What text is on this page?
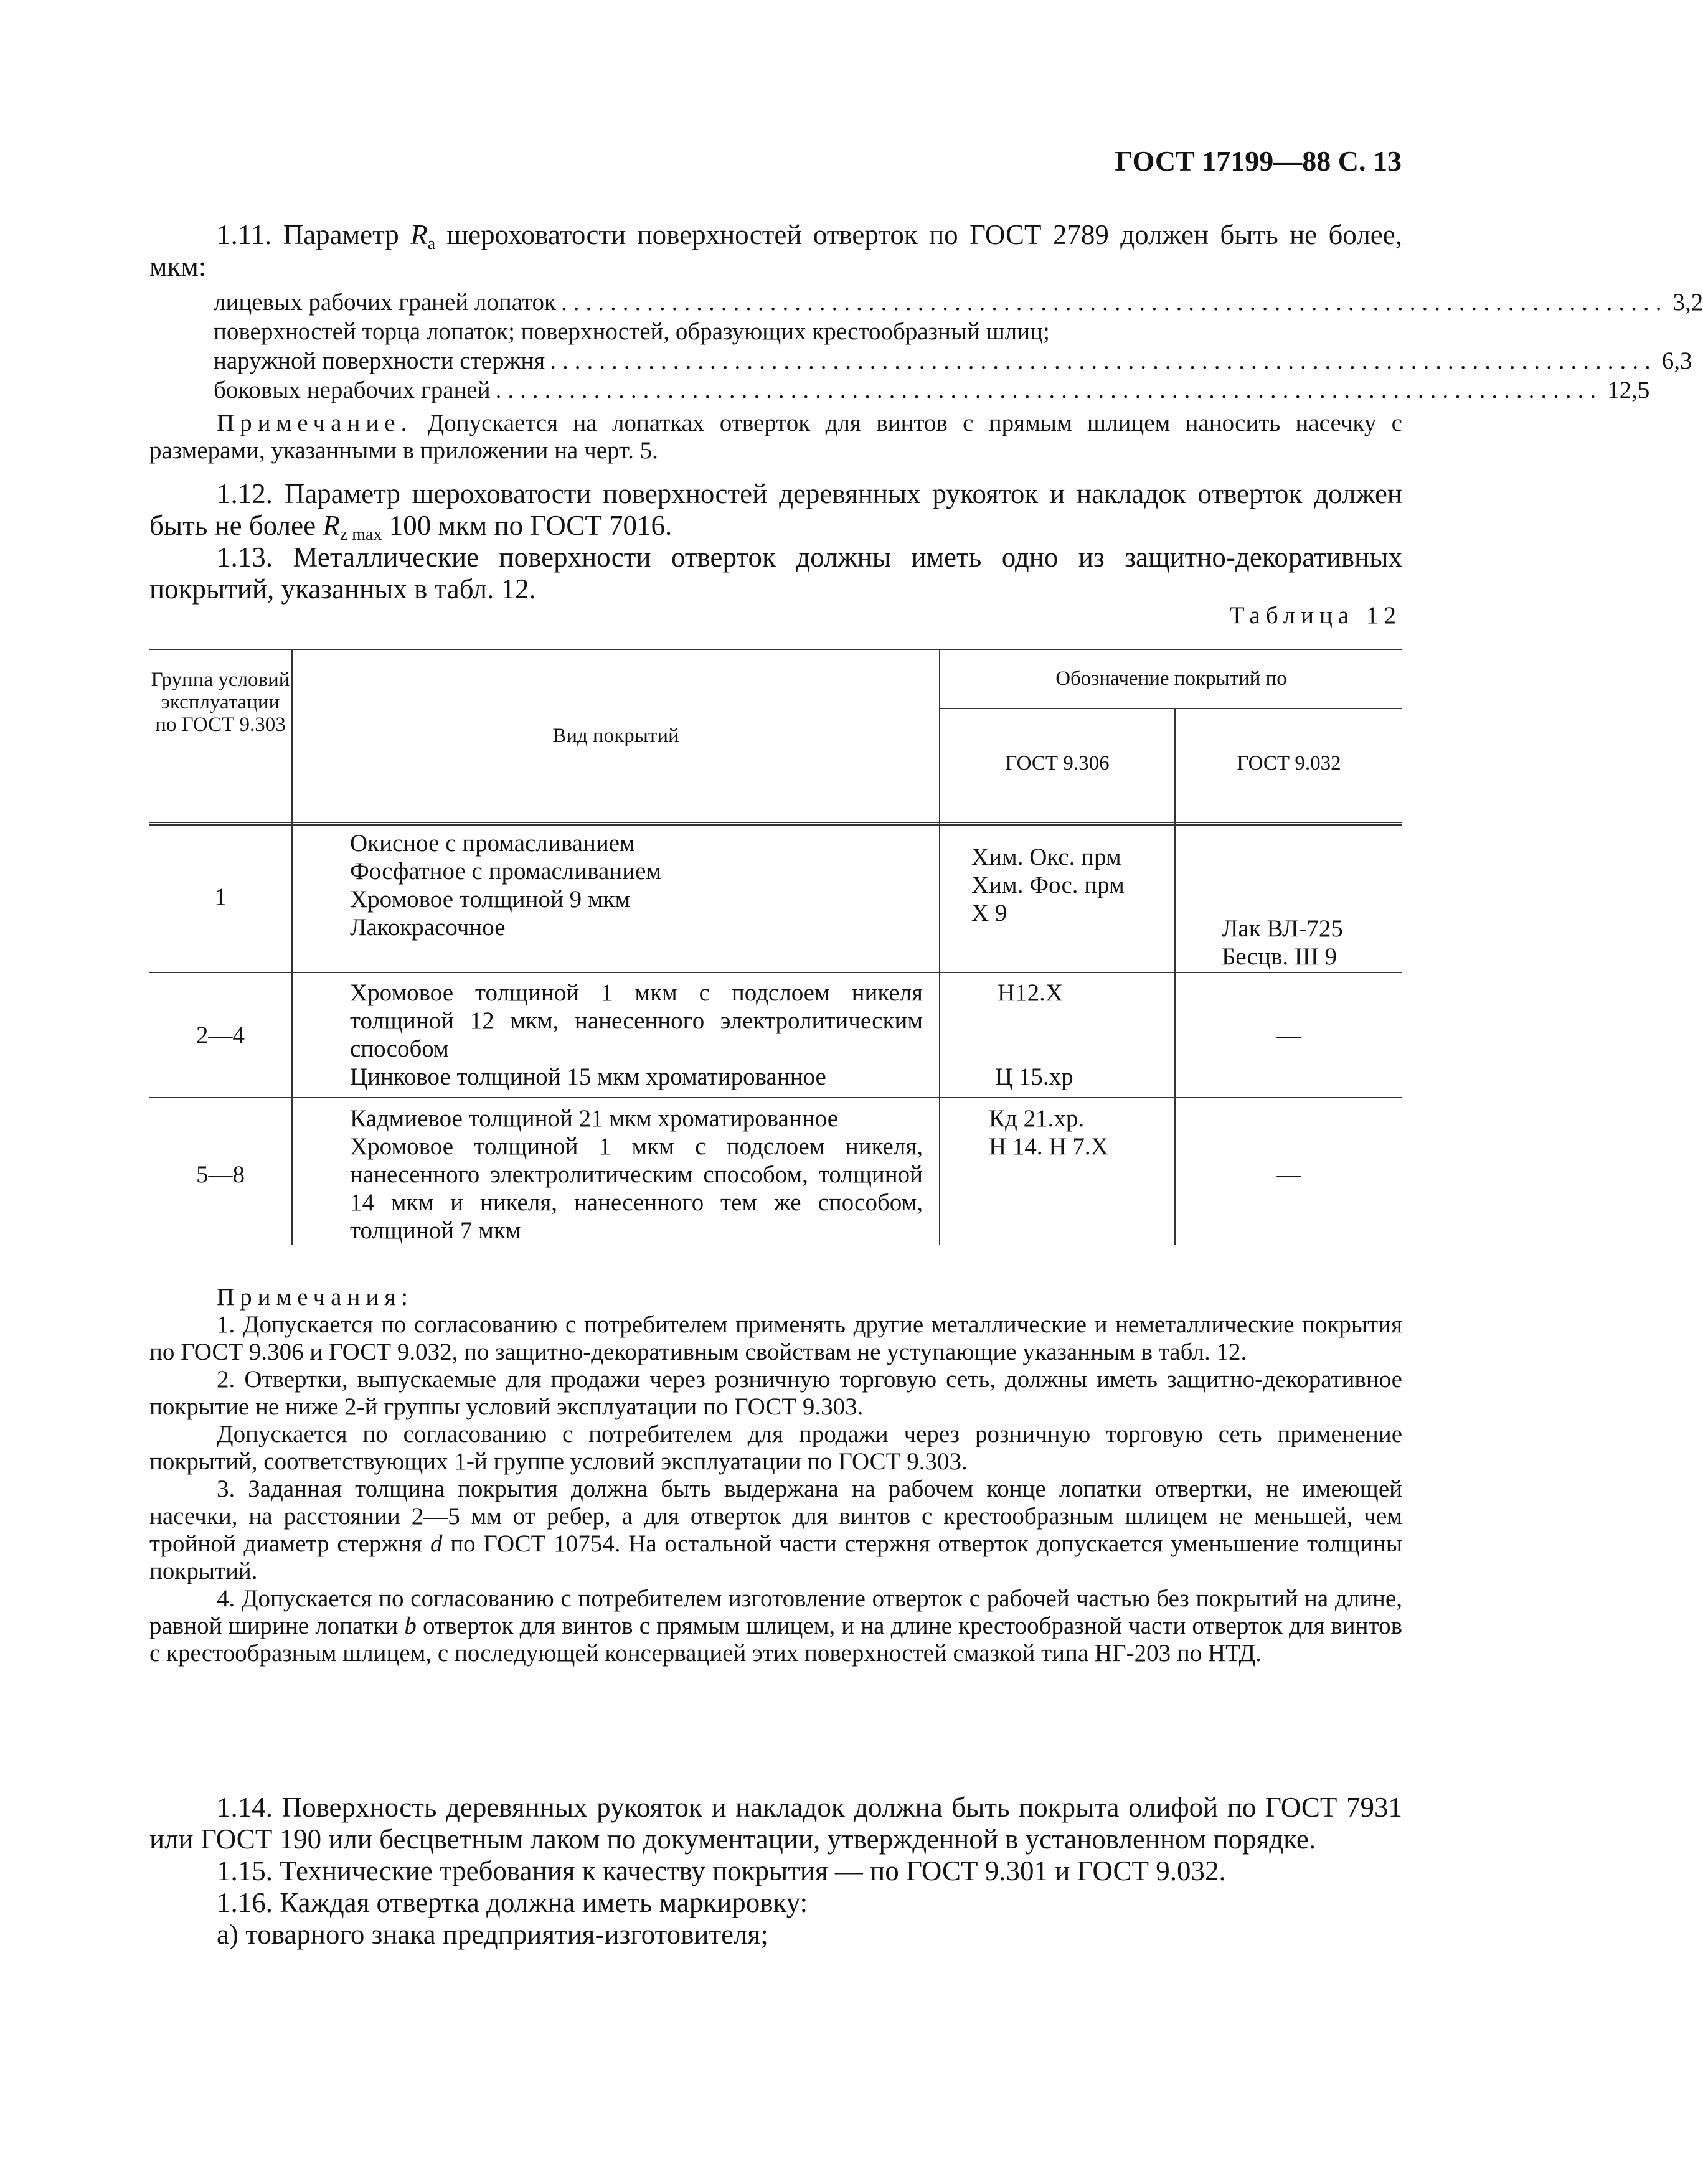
ГОСТ 17199—88 С. 13

1.11. Параметр $R_a$ шероховатости поверхностей отверток по ГОСТ 2789 должен быть не более, мкм:

лицевых рабочих граней лопаток .......................................................................................... 3,2
поверхностей торца лопаток; поверхностей, образующих крестообразный шлиц;
наружной поверхности стержня .......................................................................................... 6,3
боковых нерабочих граней .......................................................................................... 12,5

Примечание. Допускается на лопатках отверток для винтов с прямым шлицем наносить насечку с размерами, указанными в приложении на черт. 5.

1.12. Параметр шероховатости поверхностей деревянных рукояток и накладок отверток должен быть не более $R_{z max}$ 100 мкм по ГОСТ 7016.

1.13. Металлические поверхности отверток должны иметь одно из защитно-декоративных покрытий, указанных в табл. 12.

Таблица 12
Группа условий эксплуатации по ГОСТ 9.303	Вид покрытий
Обозначение покрытий по
ГОСТ 9.306	ГОСТ 9.032
1
Окисное с промасливанием
Фосфатное с промасливанием
Хромовое толщиной 9 мкм
Лакокрасочное
Хим. Окс. прм
Хим. Фос. прм
Х 9
Лак ВЛ-725
Бесцв. III 9
2—4
Хромовое толщиной 1 мкм с подслоем никеля толщиной 12 мкм, нанесенного электролитическим способом
Цинковое толщиной 15 мкм хроматированное
Н12.Х
Ц 15.хр
—
5—8
Кадмиевое толщиной 21 мкм хроматированное
Хромовое толщиной 1 мкм с подслоем никеля, нанесенного электролитическим способом, толщиной 14 мкм и никеля, нанесенного тем же способом, толщиной 7 мкм
Кд 21.хр.
Н 14. Н 7.Х
—

Примечания:

1. Допускается по согласованию с потребителем применять другие металлические и неметаллические покрытия по ГОСТ 9.306 и ГОСТ 9.032, по защитно-декоративным свойствам не уступающие указанным в табл. 12.

2. Отвертки, выпускаемые для продажи через розничную торговую сеть, должны иметь защитно-декоративное покрытие не ниже 2-й группы условий эксплуатации по ГОСТ 9.303.

Допускается по согласованию с потребителем для продажи через розничную торговую сеть применение покрытий, соответствующих 1-й группе условий эксплуатации по ГОСТ 9.303.

3. Заданная толщина покрытия должна быть выдержана на рабочем конце лопатки отвертки, не имеющей насечки, на расстоянии 2—5 мм от ребер, а для отверток для винтов с крестообразным шлицем не меньшей, чем тройной диаметр стержня d по ГОСТ 10754. На остальной части стержня отверток допускается уменьшение толщины покрытий.

4. Допускается по согласованию с потребителем изготовление отверток с рабочей частью без покрытий на длине, равной ширине лопатки b отверток для винтов с прямым шлицем, и на длине крестообразной части отверток для винтов с крестообразным шлицем, с последующей консервацией этих поверхностей смазкой типа НГ-203 по НТД.

1.14. Поверхность деревянных рукояток и накладок должна быть покрыта олифой по ГОСТ 7931 или ГОСТ 190 или бесцветным лаком по документации, утвержденной в установленном порядке.

1.15. Технические требования к качеству покрытия — по ГОСТ 9.301 и ГОСТ 9.032.

1.16. Каждая отвертка должна иметь маркировку:

а) товарного знака предприятия-изготовителя;
